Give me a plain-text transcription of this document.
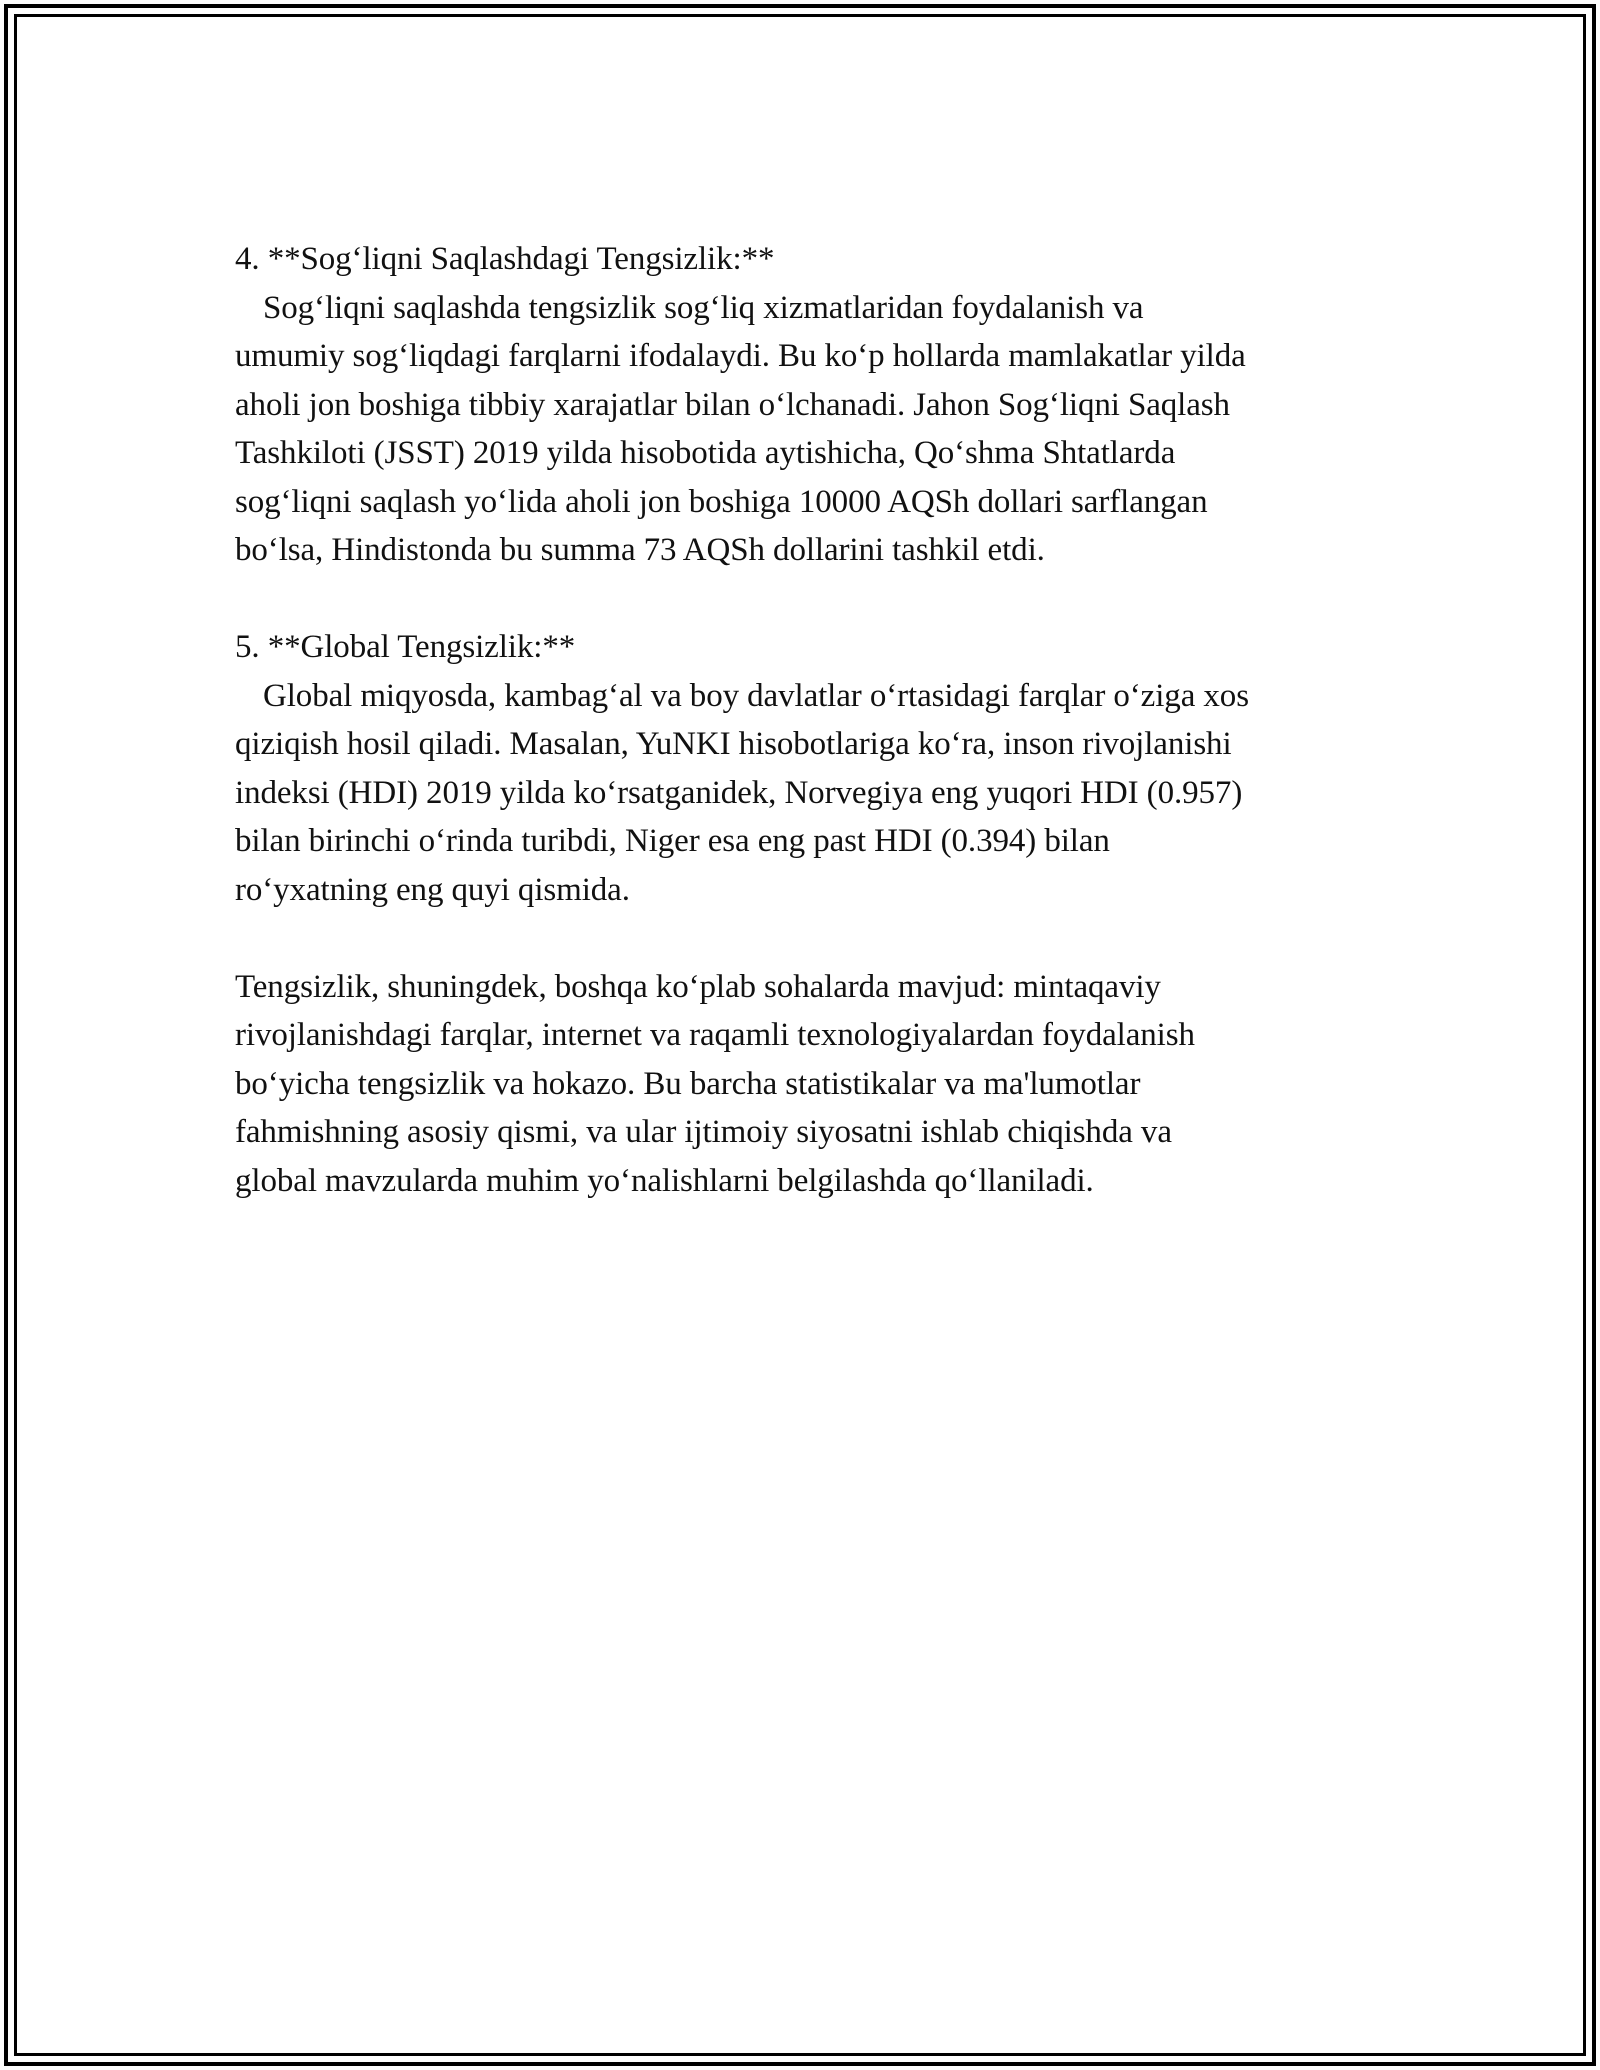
4. **Sog‘liqni Saqlashdagi Tengsizlik:**
Sog‘liqni saqlashda tengsizlik sog‘liq xizmatlaridan foydalanish va
umumiy sog‘liqdagi farqlarni ifodalaydi. Bu ko‘p hollarda mamlakatlar yilda
aholi jon boshiga tibbiy xarajatlar bilan o‘lchanadi. Jahon Sog‘liqni Saqlash
Tashkiloti (JSST) 2019 yilda hisobotida aytishicha, Qo‘shma Shtatlarda
sog‘liqni saqlash yo‘lida aholi jon boshiga 10000 AQSh dollari sarflangan
bo‘lsa, Hindistonda bu summa 73 AQSh dollarini tashkil etdi.
5. **Global Tengsizlik:**
Global miqyosda, kambag‘al va boy davlatlar o‘rtasidagi farqlar o‘ziga xos
qiziqish hosil qiladi. Masalan, YuNKI hisobotlariga ko‘ra, inson rivojlanishi
indeksi (HDI) 2019 yilda ko‘rsatganidek, Norvegiya eng yuqori HDI (0.957)
bilan birinchi o‘rinda turibdi, Niger esa eng past HDI (0.394) bilan
ro‘yxatning eng quyi qismida.
Tengsizlik, shuningdek, boshqa ko‘plab sohalarda mavjud: mintaqaviy
rivojlanishdagi farqlar, internet va raqamli texnologiyalardan foydalanish
bo‘yicha tengsizlik va hokazo. Bu barcha statistikalar va ma'lumotlar
fahmishning asosiy qismi, va ular ijtimoiy siyosatni ishlab chiqishda va
global mavzularda muhim yo‘nalishlarni belgilashda qo‘llaniladi.
